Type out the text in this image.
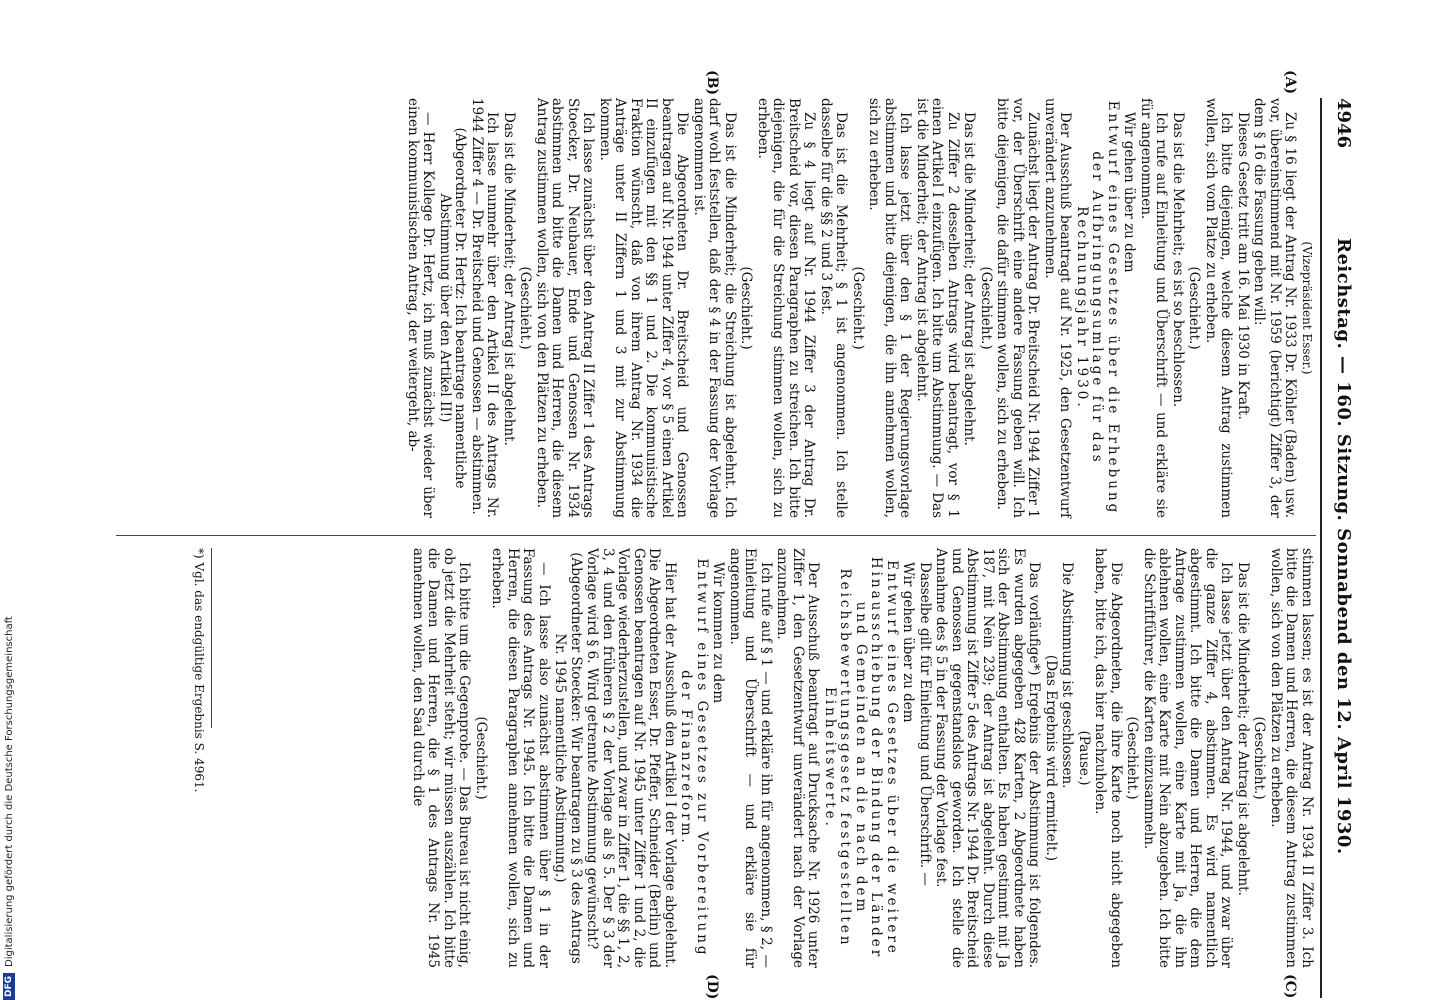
4946
Reichstag. — 160. Sitzung. Sonnabend den 12. April 1930.
(A)
(B)
(C)
(D)

(Vizepräsident Esser.)

Zu § 16 liegt der Antrag Nr. 1933 Dr. Köhler (Baden) usw. vor, übereinstimmend mit Nr. 1959 (berichtigt) Ziffer 3, der dem § 16 die Fassung geben will:

Dieses Gesetz tritt am 16. Mai 1930 in Kraft.

Ich bitte diejenigen, welche diesem Antrag zustimmen wollen, sich vom Platze zu erheben.

(Geschieht.)

Das ist die Mehrheit; es ist so beschlossen.

Ich rufe auf Einleitung und Überschrift — und erkläre sie für angenommen.

Wir gehen über zu dem

Entwurf eines Gesetzes über die Erhebung der Aufbringungsumlage für das Rechnungsjahr 1930.

Der Ausschuß beantragt auf Nr. 1925, den Gesetzentwurf unverändert anzunehmen.

Zunächst liegt der Antrag Dr. Breitscheid Nr. 1944 Ziffer 1 vor, der Überschrift eine andere Fassung geben will. Ich bitte diejenigen, die dafür stimmen wollen, sich zu erheben.

(Geschieht.)

Das ist die Minderheit; der Antrag ist abgelehnt.

Zu Ziffer 2 desselben Antrags wird beantragt, vor § 1 einen Artikel I einzufügen. Ich bitte um Abstimmung. — Das ist die Minderheit; der Antrag ist abgelehnt.

Ich lasse jetzt über den § 1 der Regierungsvorlage abstimmen und bitte diejenigen, die ihn annehmen wollen, sich zu erheben.

(Geschieht.)

Das ist die Mehrheit; § 1 ist angenommen. Ich stelle dasselbe für die §§ 2 und 3 fest.

Zu § 4 liegt auf Nr. 1944 Ziffer 3 der Antrag Dr. Breitscheid vor, diesen Paragraphen zu streichen. Ich bitte diejenigen, die für die Streichung stimmen wollen, sich zu erheben.

(Geschieht.)

Das ist die Minderheit; die Streichung ist abgelehnt. Ich darf wohl feststellen, daß der § 4 in der Fassung der Vorlage angenommen ist.

Die Abgeordneten Dr. Breitscheid und Genossen beantragen auf Nr. 1944 unter Ziffer 4, vor § 5 einen Artikel II einzufügen mit den §§ 1 und 2. Die kommunistische Fraktion wünscht, daß von ihrem Antrag Nr. 1934 die Anträge unter II Ziffern 1 und 3 mit zur Abstimmung kommen.

Ich lasse zunächst über den Antrag II Ziffer 1 des Antrags Stoecker, Dr. Neubauer, Ende und Genossen Nr. 1934 abstimmen und bitte die Damen und Herren, die diesem Antrag zustimmen wollen, sich von den Plätzen zu erheben.

(Geschieht.)

Das ist die Minderheit; der Antrag ist abgelehnt.

Ich lasse nunmehr über den Artikel II des Antrags Nr. 1944 Ziffer 4 — Dr. Breitscheid und Genossen — abstimmen.

(Abgeordneter Dr. Hertz: Ich beantrage namentliche Abstimmung über den Artikel II!)

— Herr Kollege Dr. Hertz, ich muß zunächst wieder über einen kommunistischen Antrag, der weitergeht, ab-

stimmen lassen; es ist der Antrag Nr. 1934 II Ziffer 3. Ich bitte die Damen und Herren, die diesem Antrag zustimmen wollen, sich von den Plätzen zu erheben.

(Geschieht.)

Das ist die Minderheit; der Antrag ist abgelehnt.

Ich lasse jetzt über den Antrag Nr. 1944, und zwar über die ganze Ziffer 4, abstimmen. Es wird namentlich abgestimmt. Ich bitte die Damen und Herren, die dem Antrage zustimmen wollen, eine Karte mit Ja, die ihn ablehnen wollen, eine Karte mit Nein abzugeben. Ich bitte die Schriftführer, die Karten einzusammeln.

(Geschieht.)

Die Abgeordneten, die ihre Karte noch nicht abgegeben haben, bitte ich, das hier nachzuholen.

(Pause.)

Die Abstimmung ist geschlossen.

(Das Ergebnis wird ermittelt.)

Das vorläufige*) Ergebnis der Abstimmung ist folgendes. Es wurden abgegeben 428 Karten, 2 Abgeordnete haben sich der Abstimmung enthalten. Es haben gestimmt mit Ja 187, mit Nein 239; der Antrag ist abgelehnt. Durch diese Abstimmung ist Ziffer 5 des Antrags Nr. 1944 Dr. Breitscheid und Genossen gegenstandslos geworden. Ich stelle die Annahme des § 5 in der Fassung der Vorlage fest.

Dasselbe gilt für Einleitung und Überschrift. —

Wir gehen über zu dem

Entwurf eines Gesetzes über die weitere Hinausschiebung der Bindung der Länder und Gemeinden an die nach dem Reichsbewertungsgesetz festgestellten Einheitswerte.

Der Ausschuß beantragt auf Drucksache Nr. 1926 unter Ziffer 1, den Gesetzentwurf unverändert nach der Vorlage anzunehmen.

Ich rufe auf § 1 — und erkläre ihn für angenommen, § 2, — Einleitung und Überschrift — und erkläre sie für angenommen.

Wir kommen zu dem

Entwurf eines Gesetzes zur Vorbereitung der Finanzreform.

Hier hat der Ausschuß den Artikel I der Vorlage abgelehnt. Die Abgeordneten Esser, Dr. Pfeffer, Schneider (Berlin) und Genossen beantragen auf Nr. 1945 unter Ziffer 1 und 2, die Vorlage wiederherzustellen, und zwar in Ziffer 1, die §§ 1, 2, 3, 4 und den früheren § 2 der Vorlage als § 5. Der § 3 der Vorlage wird § 6. Wird getrennte Abstimmung gewünscht?

(Abgeordneter Stoecker: Wir beantragen zu § 3 des Antrags Nr. 1945 namentliche Abstimmung.)

— Ich lasse also zunächst abstimmen über § 1 in der Fassung des Antrags Nr. 1945. Ich bitte die Damen und Herren, die diesen Paragraphen annehmen wollen, sich zu erheben.

(Geschieht.)

Ich bitte um die Gegenprobe. — Das Bureau ist nicht einig, ob jetzt die Mehrheit steht; wir müssen auszählen. Ich bitte die Damen und Herren, die § 1 des Antrags Nr. 1945 annehmen wollen, den Saal durch die

*) Vgl. das endgültige Ergebnis S. 4961.
DFG
Digitalisierung gefördert durch die Deutsche Forschungsgemeinschaft
